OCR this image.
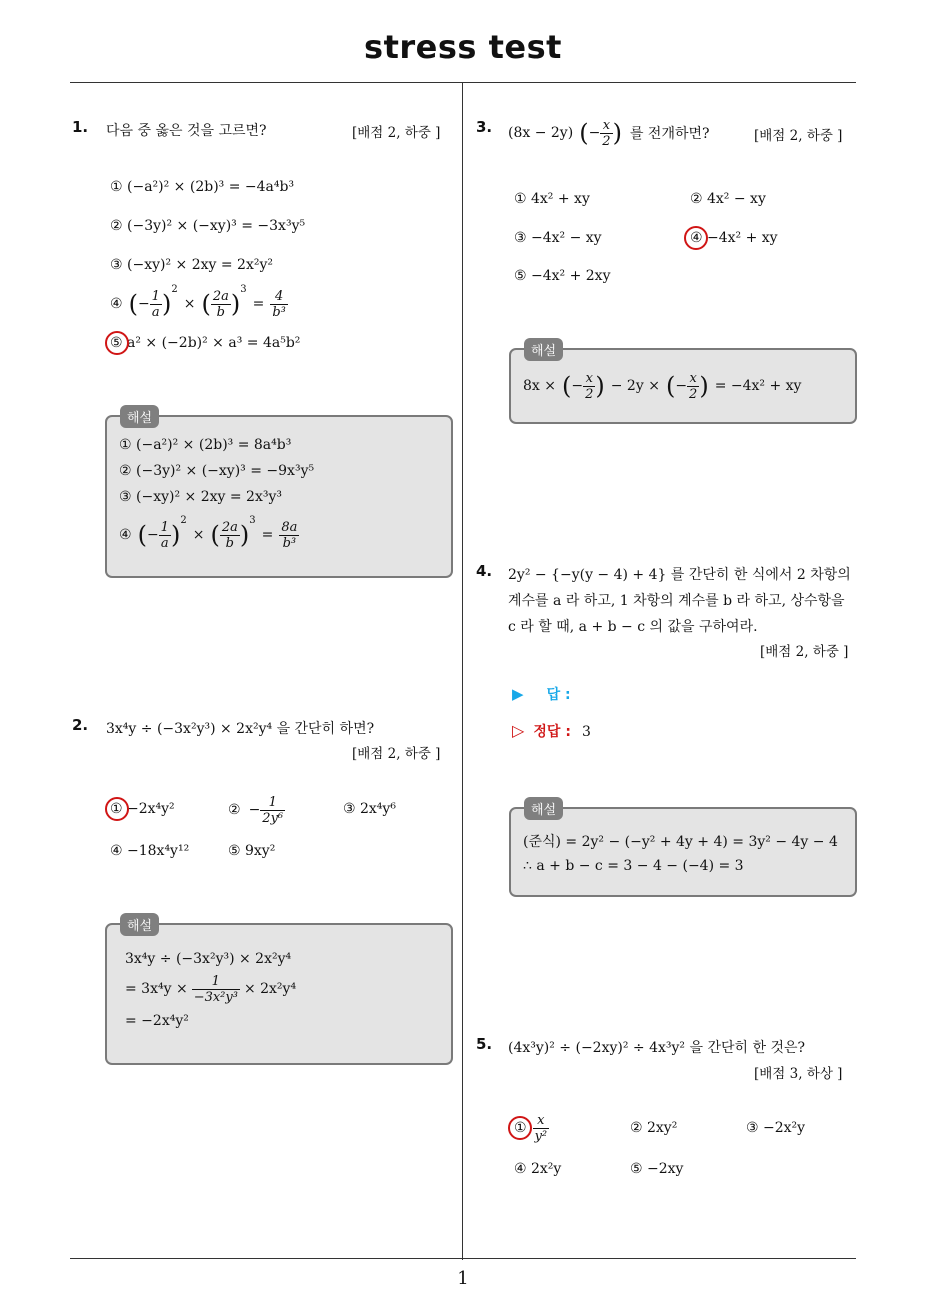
stress test
1
1. 다음 중 옳은 것을 고르면?	[배점 2, 하중 ]
① (−a²)² × (2b)³ = −4a⁴b³
② (−3y)² × (−xy)³ = −3x³y⁵
③ (−xy)² × 2xy = 2x²y²
④ ( − $\frac{1}{a}$ )
$^2$
× ( $\frac{2a}{b}$ )
$^3$
= $\frac{4}{\text{b³}}$
⑤ a² × (−2b)² × a³ = 4a⁵b²
① (−a²)² × (2b)³ = 8a⁴b³
② (−3y)² × (−xy)³ = −9x³y⁵
③ (−xy)² × 2xy = 2x³y³
④ ( − $\frac{1}{a}$ )
$^2$
× ( $\frac{2a}{b}$ )
$^3$
= $\frac{8a}{\text{b³}}$
해설
2. 3x⁴y ÷ (−3x²y³) × 2x²y⁴ 을 간단히 하면?
[배점 2, 하중 ]
① −2x⁴y²	② − $\frac{1}{\text{2y⁶}}$	③ 2x⁴y⁶
④ −18x⁴y¹²	⑤ 9xy²
3x⁴y ÷ (−3x²y³) × 2x²y⁴
= $3x^4y \times \frac{1}{\text{−3x²y³}} \times 2x^2y^4$
= −2x⁴y²
해설
3. (8x − 2y) ( − $\frac{x}{2}$ ) 를 전개하면?	[배점 2, 하중 ]
① 4x² + xy	② 4x² − xy
③ −4x² − xy	④ −4x² + xy
⑤ −4x² + 2xy
8x × ( − $\frac{x}{2}$ ) − 2y × ( − $\frac{x}{2}$ ) = −4x² + xy
해설
4. 2y² − {−y(y − 4) + 4} 를 간단히 한 식에서 2 차항의
계수를 a 라 하고, 1 차항의 계수를 b 라 하고, 상수항을
c 라 할 때, a + b − c 의 값을 구하여라.
[배점 2, 하중 ]
▶ 답 :
▷ 정답 : 3
(준식) = 2y² − (−y² + 4y + 4) = 3y² − 4y − 4
∴ a + b − c = 3 − 4 − (−4) = 3
해설
5. (4x³y)² ÷ (−2xy)² ÷ 4x³y² 을 간단히 한 것은?
[배점 3, 하상 ]
① $\frac{x}{\text{y²}}$	② 2xy²	③ −2x²y
④ 2x²y	⑤ −2xy
